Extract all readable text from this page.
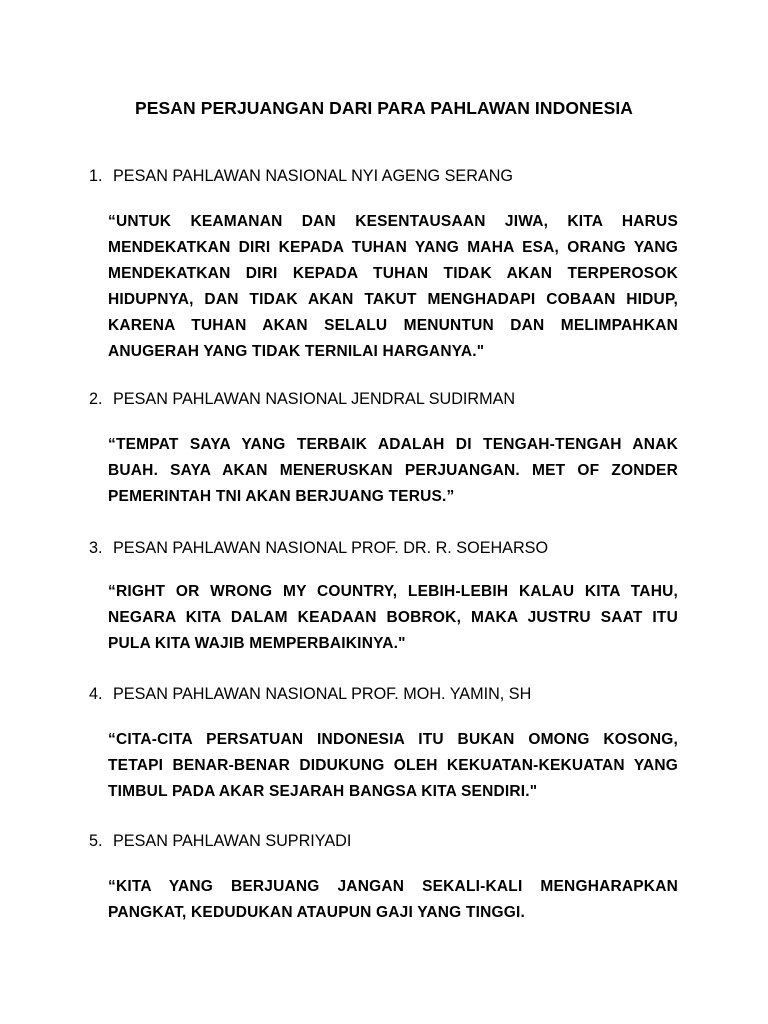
PESAN PERJUANGAN DARI PARA PAHLAWAN INDONESIA
1. PESAN PAHLAWAN NASIONAL NYI AGENG SERANG

“UNTUK KEAMANAN DAN KESENTAUSAAN JIWA, KITA HARUS MENDEKATKAN DIRI KEPADA TUHAN YANG MAHA ESA, ORANG YANG MENDEKATKAN DIRI KEPADA TUHAN TIDAK AKAN TERPEROSOK HIDUPNYA, DAN TIDAK AKAN TAKUT MENGHADAPI COBAAN HIDUP, KARENA TUHAN AKAN SELALU MENUNTUN DAN MELIMPAHKAN ANUGERAH YANG TIDAK TERNILAI HARGANYA."

2. PESAN PAHLAWAN NASIONAL JENDRAL SUDIRMAN

“TEMPAT SAYA YANG TERBAIK ADALAH DI TENGAH-TENGAH ANAK BUAH. SAYA AKAN MENERUSKAN PERJUANGAN. MET OF ZONDER PEMERINTAH TNI AKAN BERJUANG TERUS.”

3. PESAN PAHLAWAN NASIONAL PROF. DR. R. SOEHARSO

“RIGHT OR WRONG MY COUNTRY, LEBIH-LEBIH KALAU KITA TAHU, NEGARA KITA DALAM KEADAAN BOBROK, MAKA JUSTRU SAAT ITU PULA KITA WAJIB MEMPERBAIKINYA."

4. PESAN PAHLAWAN NASIONAL PROF. MOH. YAMIN, SH

“CITA-CITA PERSATUAN INDONESIA ITU BUKAN OMONG KOSONG, TETAPI BENAR-BENAR DIDUKUNG OLEH KEKUATAN-KEKUATAN YANG TIMBUL PADA AKAR SEJARAH BANGSA KITA SENDIRI."

5. PESAN PAHLAWAN SUPRIYADI

“KITA YANG BERJUANG JANGAN SEKALI-KALI MENGHARAPKAN PANGKAT, KEDUDUKAN ATAUPUN GAJI YANG TINGGI.
